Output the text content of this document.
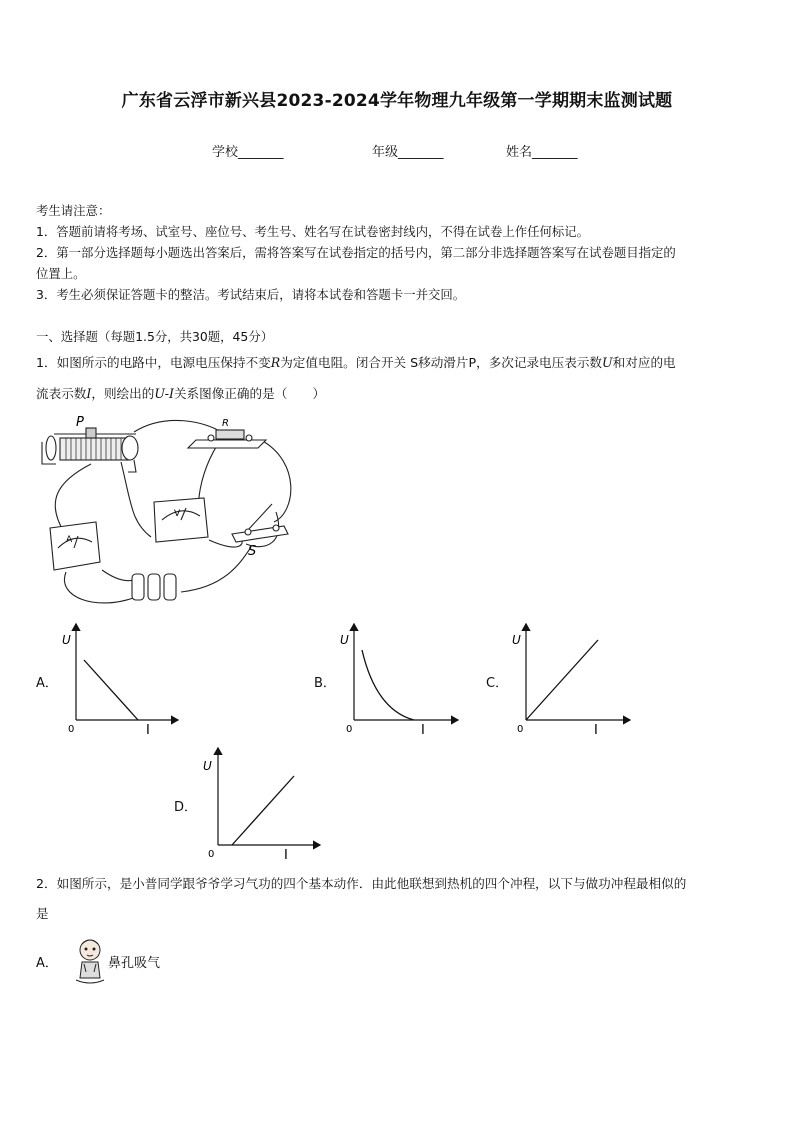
广东省云浮市新兴县2023-2024学年物理九年级第一学期期末监测试题
学校_______	年级_______	姓名_______
考生请注意：
1．答题前请将考场、试室号、座位号、考生号、姓名写在试卷密封线内，不得在试卷上作任何标记。
2．第一部分选择题每小题选出答案后，需将答案写在试卷指定的括号内，第二部分非选择题答案写在试卷题目指定的
位置上。
3．考生必须保证答题卡的整洁。考试结束后，请将本试卷和答题卡一并交回。
一、选择题（每题1.5分，共30题，45分）
1．如图所示的电路中，电源电压保持不变R为定值电阻。闭合开关 S移动滑片P，多次记录电压表示数U和对应的电
流表示数I，则绘出的U-I关系图像正确的是（　　）
P	R
V
A
S
U
I
0
U
I
0
U
I
0
U
I
0
A．	B．	C．
D．
2．如图所示，是小普同学跟爷爷学习气功的四个基本动作．由此他联想到热机的四个冲程，以下与做功冲程最相似的
是
A．	鼻孔吸气
